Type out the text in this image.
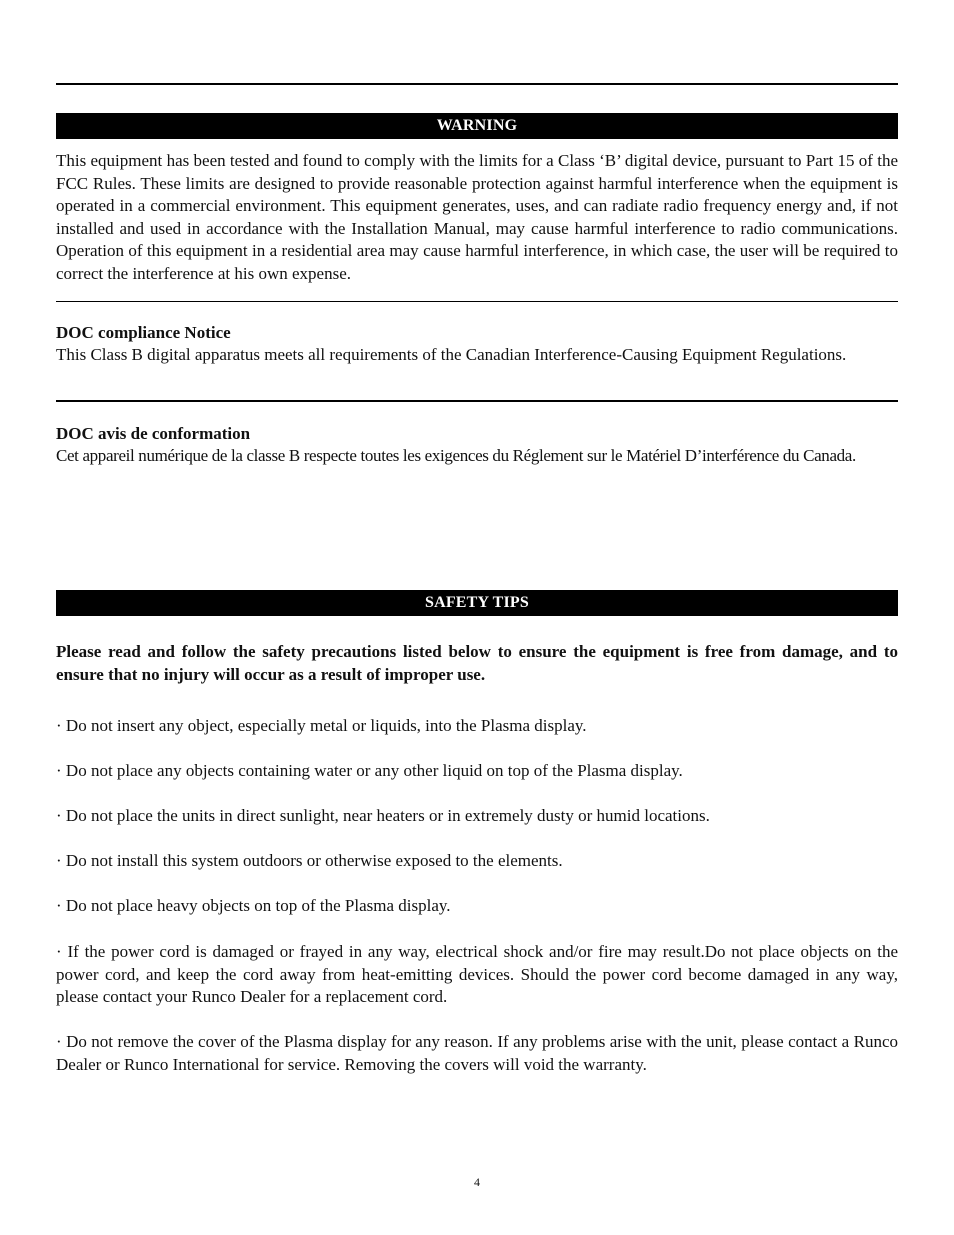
WARNING

This equipment has been tested and found to comply with the limits for a Class ‘B’ digital device, pursuant to Part 15 of the FCC Rules. These limits are designed to provide reasonable protection against harmful interference when the equipment is operated in a commercial environment. This equipment generates, uses, and can radiate radio frequency energy and, if not installed and used in accordance with the Installation Manual, may cause harmful interference to radio communications. Operation of this equipment in a residential area may cause harmful interference, in which case, the user will be required to correct the interference at his own expense.

DOC compliance Notice

This Class B digital apparatus meets all requirements of the Canadian Interference-Causing Equipment Regulations.

DOC avis de conformation

Cet appareil numérique de la classe B respecte toutes les exigences du Réglement sur le Matériel D’interférence du Canada.

SAFETY TIPS

Please read and follow the safety precautions listed below to ensure the equipment is free from damage, and to ensure that no injury will occur as a result of improper use.

· Do not insert any object, especially metal or liquids, into the Plasma display.

· Do not place any objects containing water or any other liquid on top of the Plasma display.

· Do not place the units in direct sunlight, near heaters or in extremely dusty or humid locations.

· Do not install this system outdoors or otherwise exposed to the elements.

· Do not place heavy objects on top of the Plasma display.

· If the power cord is damaged or frayed in any way, electrical shock and/or fire may result.Do not place objects on the power cord, and keep the cord away from heat-emitting devices. Should the power cord become damaged in any way, please contact your Runco Dealer for a replacement cord.

· Do not remove the cover of the Plasma display for any reason. If any problems arise with the unit, please contact a Runco Dealer or Runco International for service. Removing the covers will void the warranty.

4
